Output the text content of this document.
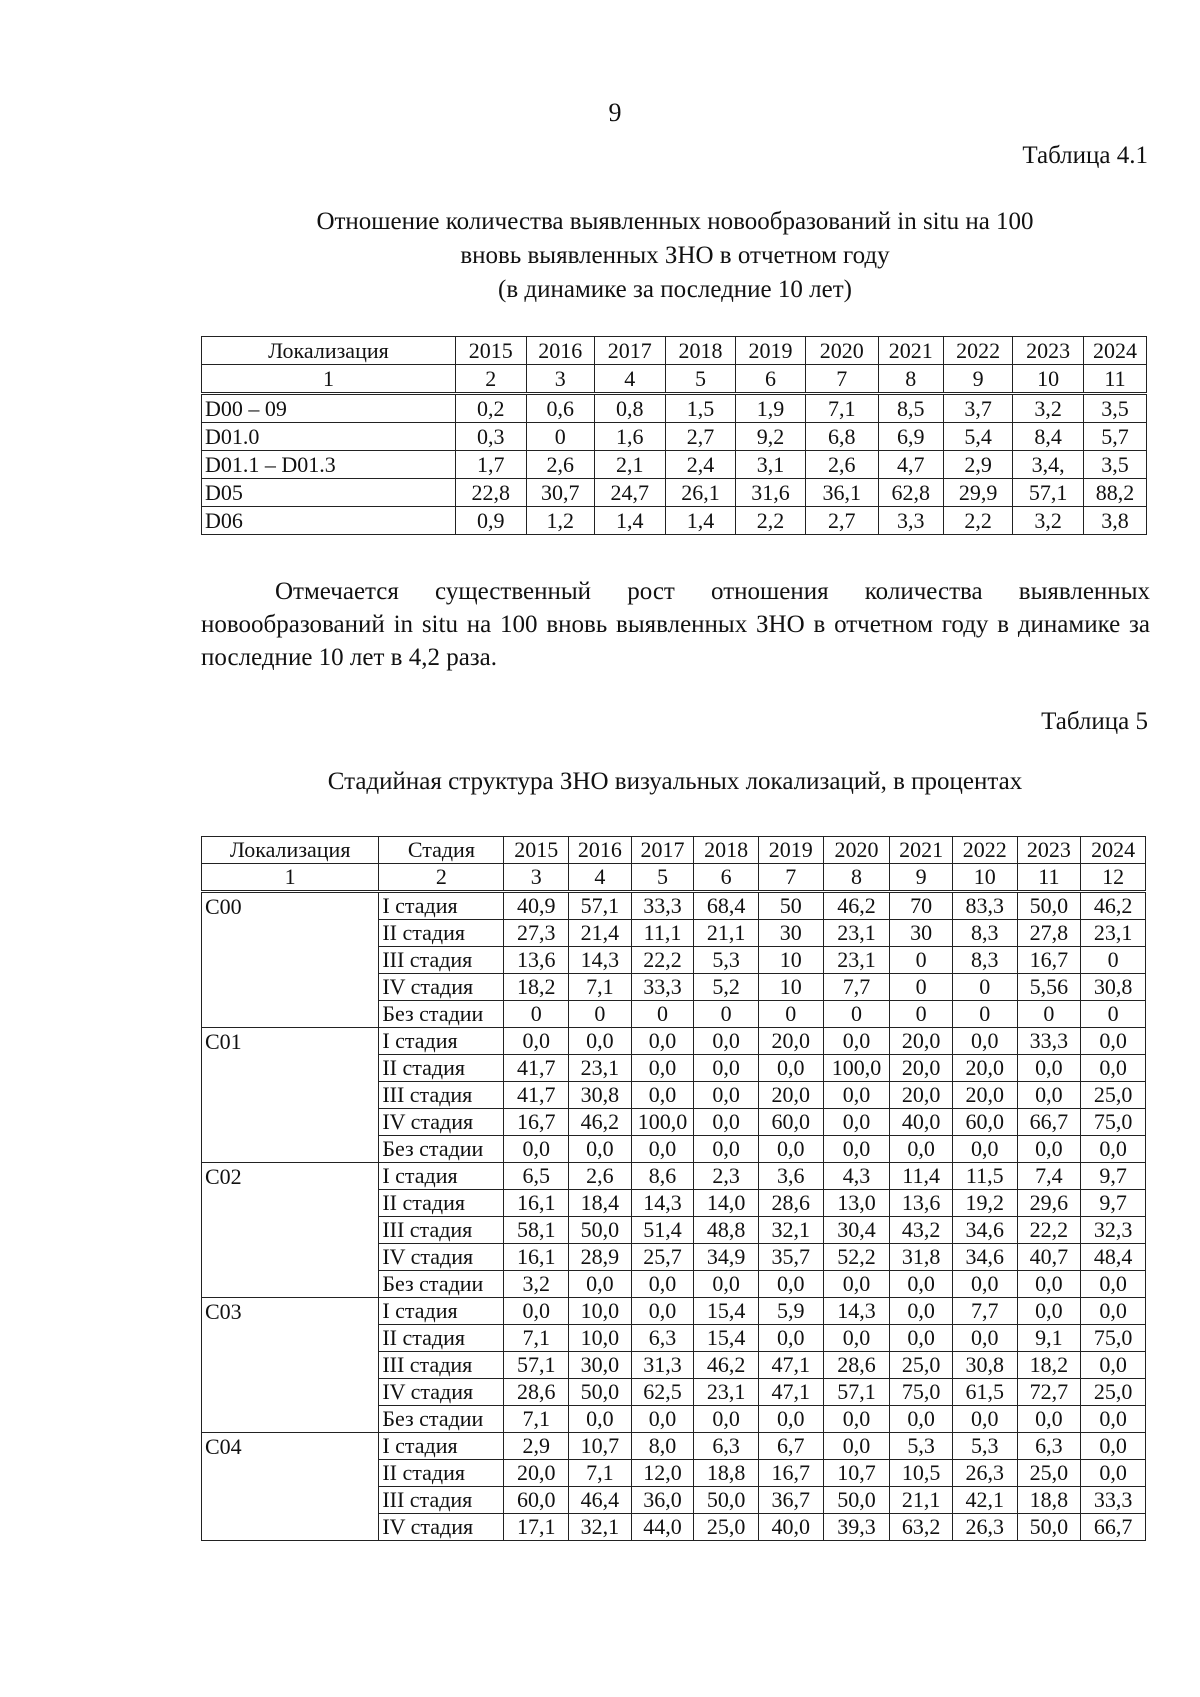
9
Таблица 4.1
Отношение количества выявленных новообразований in situ на 100
вновь выявленных ЗНО в отчетном году
(в динамике за последние 10 лет)
Локализация	2015	2016	2017	2018	2019	2020	2021	2022	2023	2024
1	2	3	4	5	6	7	8	9	10	11
D00 – 09	0,2	0,6	0,8	1,5	1,9	7,1	8,5	3,7	3,2	3,5
D01.0	0,3	0	1,6	2,7	9,2	6,8	6,9	5,4	8,4	5,7
D01.1 – D01.3	1,7	2,6	2,1	2,4	3,1	2,6	4,7	2,9	3,4,	3,5
D05	22,8	30,7	24,7	26,1	31,6	36,1	62,8	29,9	57,1	88,2
D06	0,9	1,2	1,4	1,4	2,2	2,7	3,3	2,2	3,2	3,8

Отмечается существенный рост отношения количества выявленных новообразований in situ на 100 вновь выявленных ЗНО в отчетном году в динамике за последние 10 лет в 4,2 раза.

Таблица 5
Стадийная структура ЗНО визуальных локализаций, в процентах
Локализация	Стадия	2015	2016	2017	2018	2019	2020	2021	2022	2023	2024
1	2	3	4	5	6	7	8	9	10	11	12
C00	I стадия	40,9	57,1	33,3	68,4	50	46,2	70	83,3	50,0	46,2
	II стадия	27,3	21,4	11,1	21,1	30	23,1	30	8,3	27,8	23,1
	III стадия	13,6	14,3	22,2	5,3	10	23,1	0	8,3	16,7	0
	IV стадия	18,2	7,1	33,3	5,2	10	7,7	0	0	5,56	30,8
	Без стадии	0	0	0	0	0	0	0	0	0	0
C01	I стадия	0,0	0,0	0,0	0,0	20,0	0,0	20,0	0,0	33,3	0,0
	II стадия	41,7	23,1	0,0	0,0	0,0	100,0	20,0	20,0	0,0	0,0
	III стадия	41,7	30,8	0,0	0,0	20,0	0,0	20,0	20,0	0,0	25,0
	IV стадия	16,7	46,2	100,0	0,0	60,0	0,0	40,0	60,0	66,7	75,0
	Без стадии	0,0	0,0	0,0	0,0	0,0	0,0	0,0	0,0	0,0	0,0
C02	I стадия	6,5	2,6	8,6	2,3	3,6	4,3	11,4	11,5	7,4	9,7
	II стадия	16,1	18,4	14,3	14,0	28,6	13,0	13,6	19,2	29,6	9,7
	III стадия	58,1	50,0	51,4	48,8	32,1	30,4	43,2	34,6	22,2	32,3
	IV стадия	16,1	28,9	25,7	34,9	35,7	52,2	31,8	34,6	40,7	48,4
	Без стадии	3,2	0,0	0,0	0,0	0,0	0,0	0,0	0,0	0,0	0,0
C03	I стадия	0,0	10,0	0,0	15,4	5,9	14,3	0,0	7,7	0,0	0,0
	II стадия	7,1	10,0	6,3	15,4	0,0	0,0	0,0	0,0	9,1	75,0
	III стадия	57,1	30,0	31,3	46,2	47,1	28,6	25,0	30,8	18,2	0,0
	IV стадия	28,6	50,0	62,5	23,1	47,1	57,1	75,0	61,5	72,7	25,0
	Без стадии	7,1	0,0	0,0	0,0	0,0	0,0	0,0	0,0	0,0	0,0
C04	I стадия	2,9	10,7	8,0	6,3	6,7	0,0	5,3	5,3	6,3	0,0
	II стадия	20,0	7,1	12,0	18,8	16,7	10,7	10,5	26,3	25,0	0,0
	III стадия	60,0	46,4	36,0	50,0	36,7	50,0	21,1	42,1	18,8	33,3
	IV стадия	17,1	32,1	44,0	25,0	40,0	39,3	63,2	26,3	50,0	66,7
